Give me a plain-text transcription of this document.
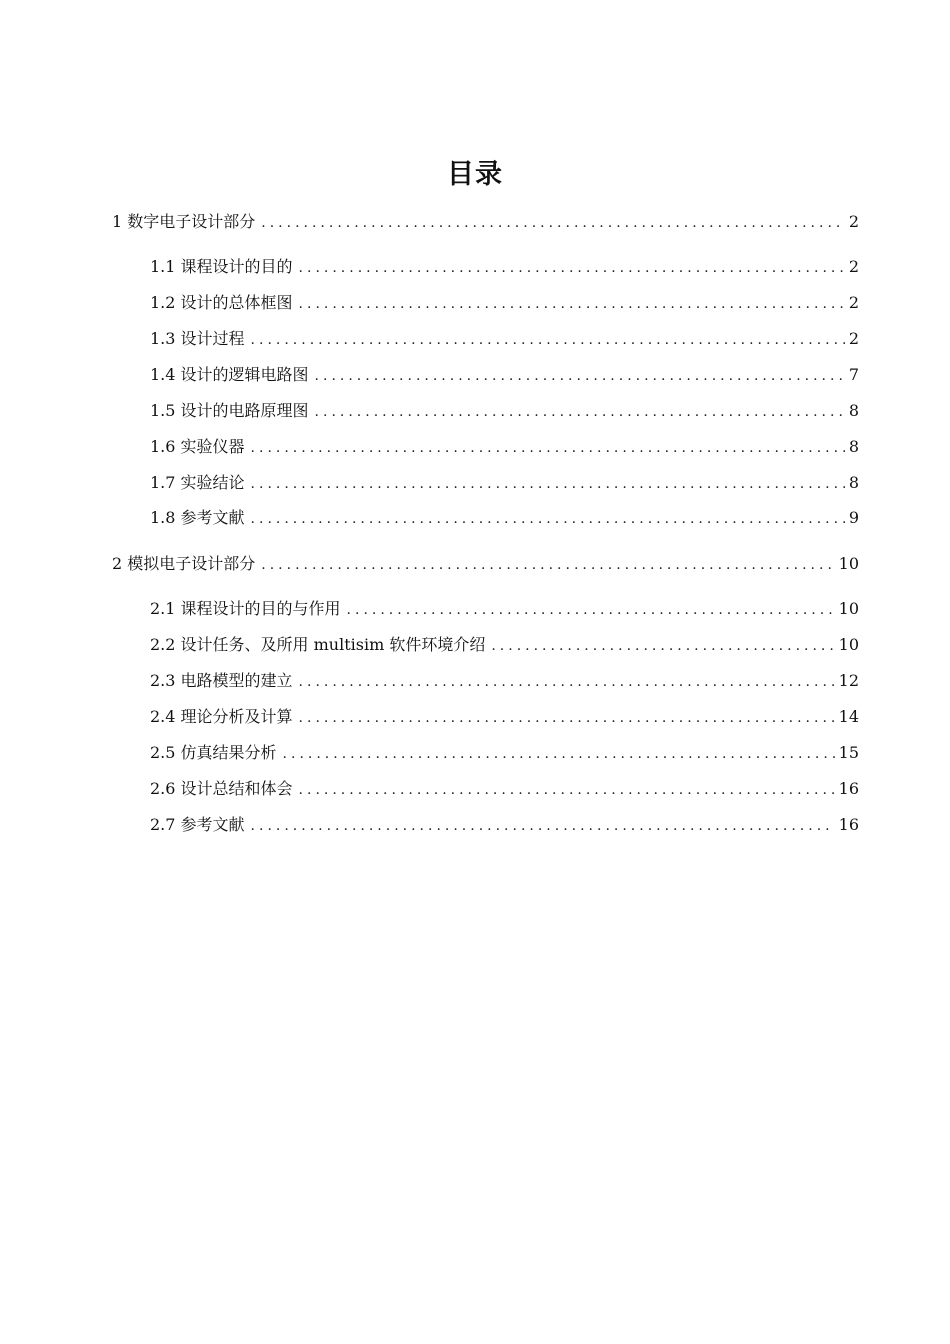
目录
1 数字电子设计部分 .....	2
1.1 课程设计的目的 .....	2
1.2 设计的总体框图 .....	2
1.3 设计过程 .....	2
1.4 设计的逻辑电路图 .....	7
1.5 设计的电路原理图 .....	8
1.6 实验仪器 .....	8
1.7 实验结论 .....	8
1.8 参考文献 .....	9
2 模拟电子设计部分 .....	10
2.1 课程设计的目的与作用 .....	10
2.2 设计任务、及所用 multisim 软件环境介绍 .....	10
2.3 电路模型的建立 .....	12
2.4 理论分析及计算 .....	14
2.5 仿真结果分析 .....	15
2.6 设计总结和体会 .....	16
2.7 参考文献 .....	16
